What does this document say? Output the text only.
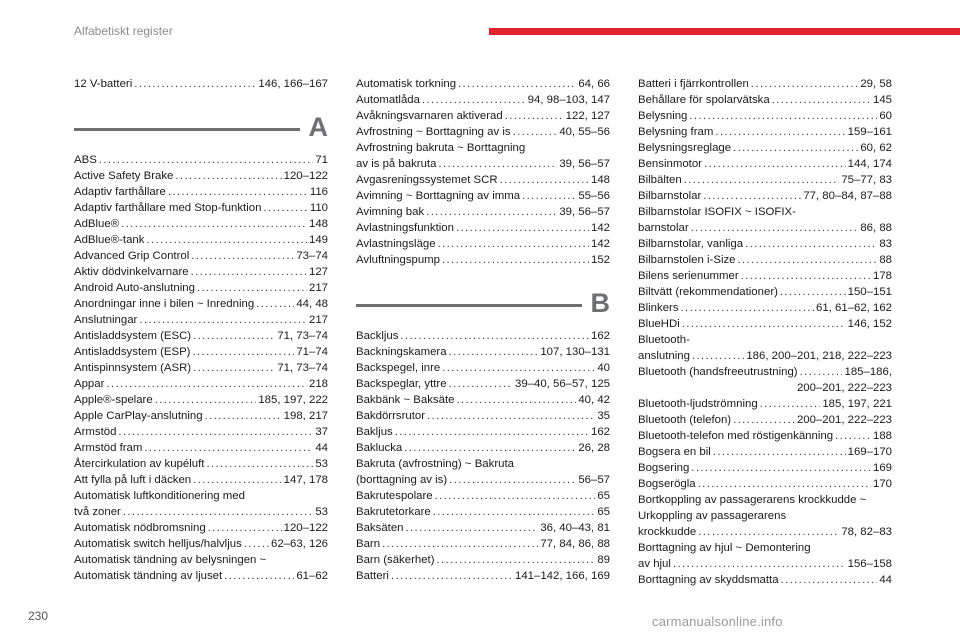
Alfabetiskt register
12 V-batteri . . .	146, 166–167
A
ABS . . .	71
Active Safety Brake . . .	120–122
Adaptiv farthållare . . .	116
Adaptiv farthållare med Stop-funktion . . .	110
AdBlue® . . .	148
AdBlue®-tank . . .	149
Advanced Grip Control . . .	73–74
Aktiv dödvinkelvarnare . . .	127
Android Auto-anslutning . . .	217
Anordningar inne i bilen ~ Inredning . . .	44, 48
Anslutningar . . .	217
Antisladdsystem (ESC) . . .	71, 73–74
Antisladdsystem (ESP) . . .	71–74
Antispinnsystem (ASR) . . .	71, 73–74
Appar . . .	218
Apple®-spelare . . .	185, 197, 222
Apple CarPlay-anslutning . . .	198, 217
Armstöd . . .	37
Armstöd fram . . .	44
Återcirkulation av kupéluft . . .	53
Att fylla på luft i däcken . . .	147, 178
Automatisk luftkonditionering med
två zoner . . .	53
Automatisk nödbromsning . . .	120–122
Automatisk switch helljus/halvljus . . .	62–63, 126
Automatisk tändning av belysningen ~
Automatisk tändning av ljuset . . .	61–62
Automatisk torkning . . .	64, 66
Automatlåda . . .	94, 98–103, 147
Avåkningsvarnaren aktiverad . . .	122, 127
Avfrostning ~ Borttagning av is . . .	40, 55–56
Avfrostning bakruta ~ Borttagning
av is på bakruta . . .	39, 56–57
Avgasreningssystemet SCR . . .	148
Avimning ~ Borttagning av imma . . .	55–56
Avimning bak . . .	39, 56–57
Avlastningsfunktion . . .	142
Avlastningsläge . . .	142
Avluftningspump . . .	152
B
Backljus . . .	162
Backningskamera . . .	107, 130–131
Backspegel, inre . . .	40
Backspeglar, yttre . . .	39–40, 56–57, 125
Bakbänk ~ Baksäte . . .	40, 42
Bakdörrsrutor . . .	35
Bakljus . . .	162
Baklucka . . .	26, 28
Bakruta (avfrostning) ~ Bakruta
(borttagning av is) . . .	56–57
Bakrutespolare . . .	65
Bakrutetorkare . . .	65
Baksäten . . .	36, 40–43, 81
Barn . . .	77, 84, 86, 88
Barn (säkerhet) . . .	89
Batteri . . .	141–142, 166, 169
Batteri i fjärrkontrollen . . .	29, 58
Behållare för spolarvätska . . .	145
Belysning . . .	60
Belysning fram . . .	159–161
Belysningsreglage . . .	60, 62
Bensinmotor . . .	144, 174
Bilbälten . . .	75–77, 83
Bilbarnstolar . . .	77, 80–84, 87–88
Bilbarnstolar ISOFIX ~ ISOFIX-
barnstolar . . .	86, 88
Bilbarnstolar, vanliga . . .	83
Bilbarnstolen i-Size . . .	88
Bilens serienummer . . .	178
Biltvätt (rekommendationer) . . .	150–151
Blinkers . . .	61, 61–62, 162
BlueHDi . . .	146, 152
Bluetooth-
anslutning . . .	186, 200–201, 218, 222–223
Bluetooth (handsfreeutrustning) . . .	185–186,
200–201, 222–223
Bluetooth-ljudströmning . . .	185, 197, 221
Bluetooth (telefon) . . .	200–201, 222–223
Bluetooth-telefon med röstigenkänning . . .	188
Bogsera en bil . . .	169–170
Bogsering . . .	169
Bogserögla . . .	170
Bortkoppling av passagerarens krockkudde ~
Urkoppling av passagerarens
krockkudde . . .	78, 82–83
Borttagning av hjul ~ Demontering
av hjul . . .	156–158
Borttagning av skyddsmatta . . .	44
230	carmanualsonline.info
